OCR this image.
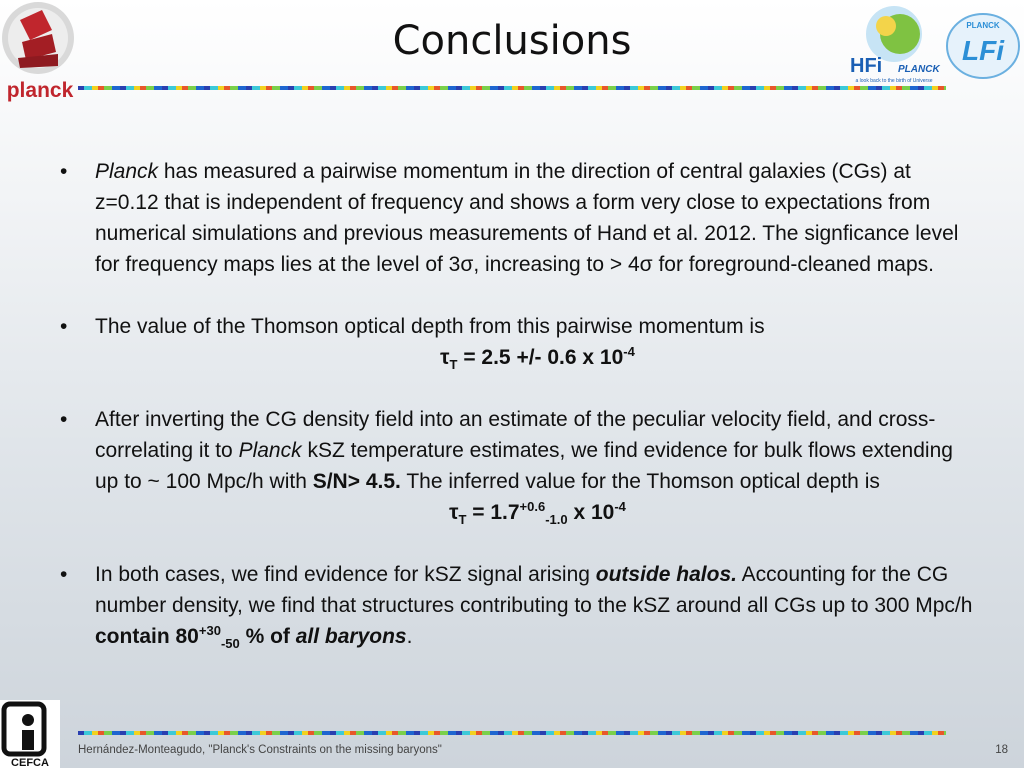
planck
HFi PLANCK
a look back to the birth of Universe
PLANCK
LFi
CEFCA
Conclusions
• Planck has measured a pairwise momentum in the direction of central galaxies (CGs) at z=0.12 that is independent of frequency and shows a form very close to expectations from numerical simulations and previous measurements of Hand et al. 2012. The signficance level for frequency maps lies at the level of 3σ, increasing to > 4σ for foreground-cleaned maps.
• The value of the Thomson optical depth from this pairwise momentum is
$\tau_T = 2.5$ +/- 0.6 x $10^{-4}$
• After inverting the CG density field into an estimate of the peculiar velocity field, and cross-correlating it to Planck kSZ temperature estimates, we find evidence for bulk flows extending up to ~ 100 Mpc/h with S/N> 4.5. The inferred value for the Thomson optical depth is
$\tau_T = 1.7^{+0.6}_{-1.0}$ x $10^{-4}$
• In both cases, we find evidence for kSZ signal arising outside halos. Accounting for the CG number density, we find that structures contributing to the kSZ around all CGs up to 300 Mpc/h contain $80^{+30}_{-50}$ % of all baryons.
Hernández-Monteagudo, "Planck's Constraints on the missing baryons"	18
